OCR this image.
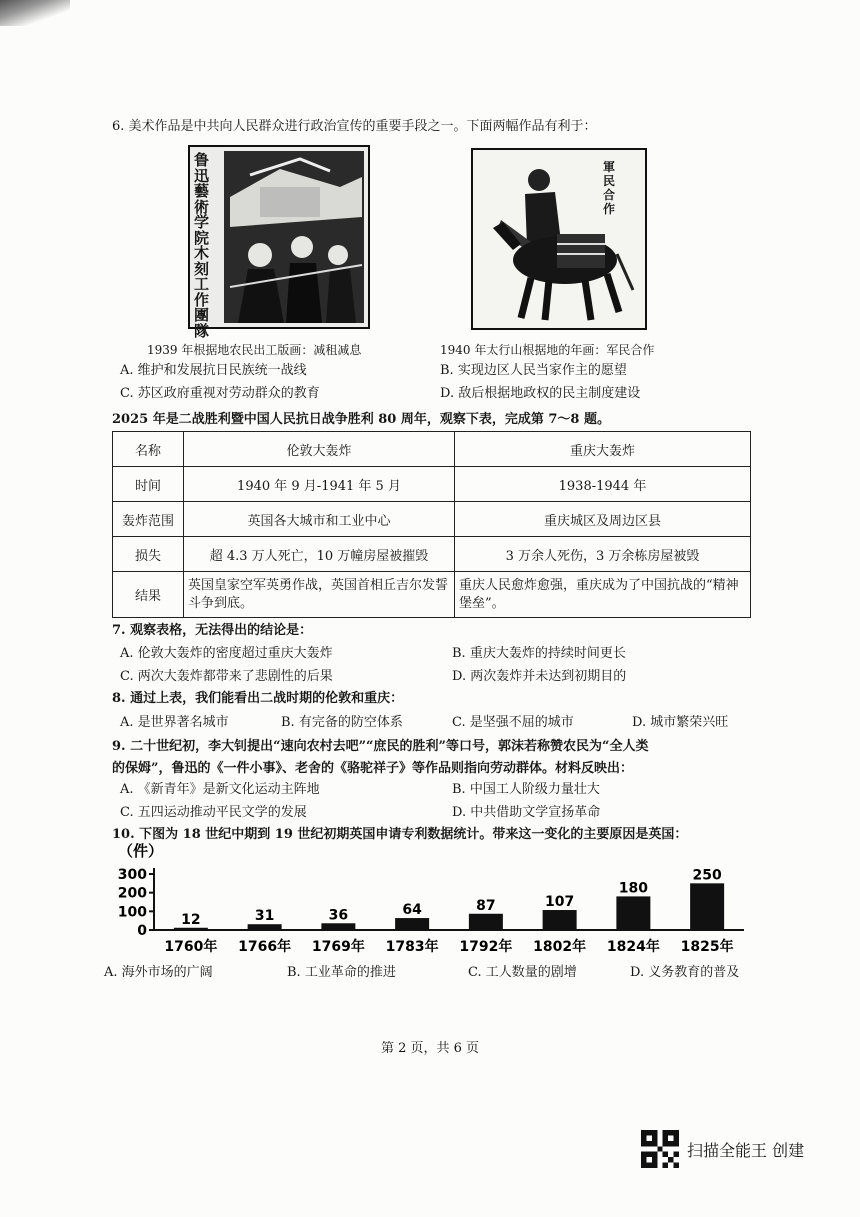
6. 美术作品是中共向人民群众进行政治宣传的重要手段之一。下面两幅作品有利于：
鲁迅藝術学院木刻工作團隊
軍民合作
1939 年根据地农民出工版画：减租减息	1940 年太行山根据地的年画：军民合作
A. 维护和发展抗日民族统一战线	B. 实现边区人民当家作主的愿望
C. 苏区政府重视对劳动群众的教育	D. 敌后根据地政权的民主制度建设
2025 年是二战胜利暨中国人民抗日战争胜利 80 周年，观察下表，完成第 7～8 题。
名称	伦敦大轰炸	重庆大轰炸
时间	1940 年 9 月-1941 年 5 月	1938-1944 年
轰炸范围	英国各大城市和工业中心	重庆城区及周边区县
损失	超 4.3 万人死亡，10 万幢房屋被摧毁	3 万余人死伤，3 万余栋房屋被毁
结果	英国皇家空军英勇作战，英国首相丘吉尔发誓斗争到底。	重庆人民愈炸愈强，重庆成为了中国抗战的“精神堡垒”。
7. 观察表格，无法得出的结论是：
A. 伦敦大轰炸的密度超过重庆大轰炸	B. 重庆大轰炸的持续时间更长
C. 两次大轰炸都带来了悲剧性的后果	D. 两次轰炸并未达到初期目的
8. 通过上表，我们能看出二战时期的伦敦和重庆：
A. 是世界著名城市	B. 有完备的防空体系	C. 是坚强不屈的城市	D. 城市繁荣兴旺
9. 二十世纪初，李大钊提出“速向农村去吧”“庶民的胜利”等口号，郭沫若称赞农民为“全人类
的保姆”，鲁迅的《一件小事》、老舍的《骆驼祥子》等作品则指向劳动群体。材料反映出：
A. 《新青年》是新文化运动主阵地	B. 中国工人阶级力量壮大
C. 五四运动推动平民文学的发展	D. 中共借助文学宣扬革命
10. 下图为 18 世纪中期到 19 世纪初期英国申请专利数据统计。带来这一变化的主要原因是英国：
（件）
300
200
100
0
12
1760年
31
1766年
36
1769年
64
1783年
87
1792年
107
1802年
180
1824年
250
1825年
A. 海外市场的广阔	B. 工业革命的推进	C. 工人数量的剧增	D. 义务教育的普及
第 2 页，共 6 页
扫描全能王 创建
